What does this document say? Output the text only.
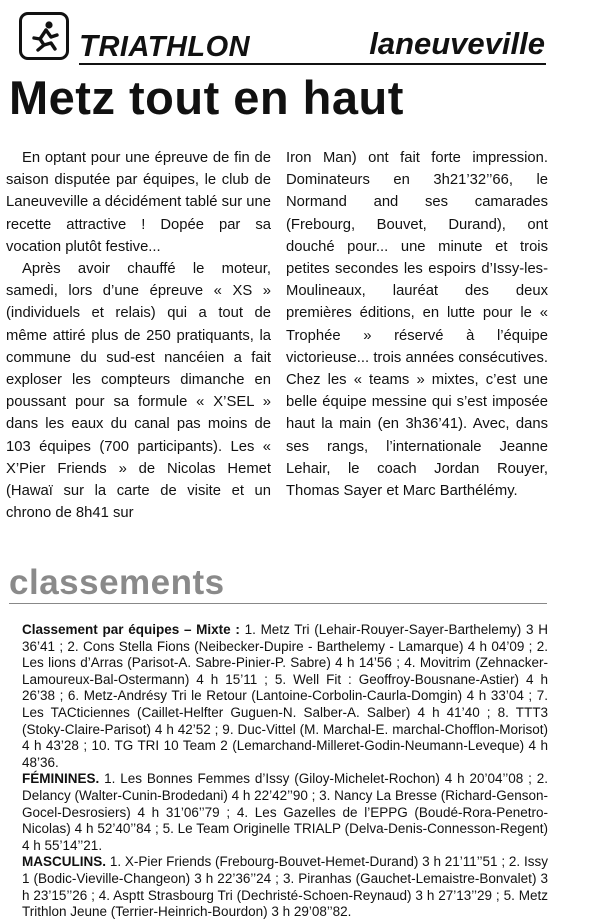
TRIATHLON	laneuveville
Metz tout en haut

En optant pour une épreuve de fin de saison disputée par équipes, le club de Laneuveville a décidément tablé sur une recette attractive ! Dopée par sa vocation plutôt festive...

Après avoir chauffé le moteur, samedi, lors d’une épreuve « XS » (individuels et relais) qui a tout de même attiré plus de 250 pratiquants, la commune du sud-est nancéien a fait exploser les compteurs dimanche en poussant pour sa formule « X’SEL » dans les eaux du canal pas moins de 103 équipes (700 participants). Les « X’Pier Friends » de Nicolas Hemet (Hawaï sur la carte de visite et un chrono de 8h41 sur

Iron Man) ont fait forte impression. Dominateurs en 3h21’32’’66, le Normand and ses camarades (Frebourg, Bouvet, Durand), ont douché pour... une minute et trois petites secondes les espoirs d’Issy-les-Moulineaux, lauréat des deux premières éditions, en lutte pour le « Trophée » réservé à l’équipe victorieuse... trois années consécutives. Chez les « teams » mixtes, c’est une belle équipe messine qui s’est imposée haut la main (en 3h36’41). Avec, dans ses rangs, l’internationale Jeanne Lehair, le coach Jordan Rouyer, Thomas Sayer et Marc Barthélémy.

classements

Classement par équipes – Mixte : 1. Metz Tri (Lehair-Rouyer-Sayer-Barthelemy) 3 H 36’41 ; 2. Cons Stella Fions (Neibecker-Dupire - Barthelemy - Lamarque) 4 h 04’09 ; 2. Les lions d’Arras (Parisot-A. Sabre-Pinier-P. Sabre) 4 h 14’56 ; 4. Movitrim (Zehnacker-Lamoureux-Bal-Ostermann) 4 h 15’11 ; 5. Well Fit : Geoffroy-Bousnane-Astier) 4 h 26’38 ; 6. Metz-Andrésy Tri le Retour (Lantoine-Corbolin-Caurla-Domgin) 4 h 33’04 ; 7. Les TACticiennes (Caillet-Helfter Guguen-N. Salber-A. Salber) 4 h 41’40 ; 8. TTT3 (Stoky-Claire-Parisot) 4 h 42’52 ; 9. Duc-Vittel (M. Marchal-E. marchal-Chofflon-Morisot) 4 h 43’28 ; 10. TG TRI 10 Team 2 (Lemarchand-Milleret-Godin-Neumann-Leveque) 4 h 48’36.

FÉMININES. 1. Les Bonnes Femmes d’Issy (Giloy-Michelet-Rochon) 4 h 20’04’’08 ; 2. Delancy (Walter-Cunin-Brodedani) 4 h 22’42’’90 ; 3. Nancy La Bresse (Richard-Genson-Gocel-Desrosiers) 4 h 31’06’’79 ; 4. Les Gazelles de l’EPPG (Boudé-Rora-Penetro-Nicolas) 4 h 52’40’’84 ; 5. Le Team Originelle TRIALP (Delva-Denis-Connesson-Regent) 4 h 55’14’’21.

MASCULINS. 1. X-Pier Friends (Frebourg-Bouvet-Hemet-Durand) 3 h 21’11’’51 ; 2. Issy 1 (Bodic-Vieville-Changeon) 3 h 22’36’’24 ; 3. Piranhas (Gauchet-Lemaistre-Bonvalet) 3 h 23’15’’26 ; 4. Asptt Strasbourg Tri (Dechristé-Schoen-Reynaud) 3 h 27’13’’29 ; 5. Metz Trithlon Jeune (Terrier-Heinrich-Bourdon) 3 h 29’08’’82.
